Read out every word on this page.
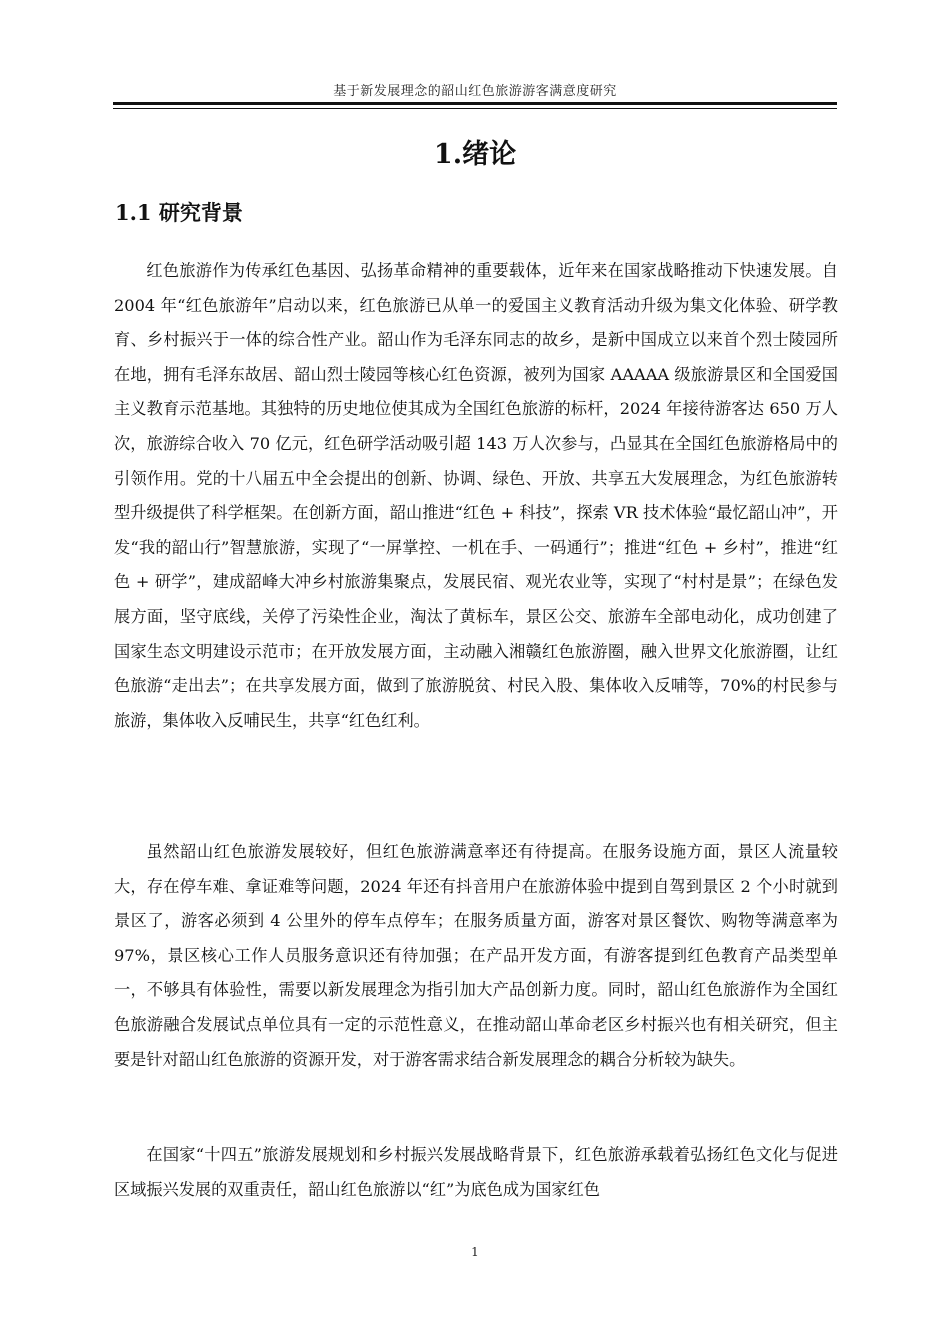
基于新发展理念的韶山红色旅游游客满意度研究
1.绪论
1.1 研究背景

红色旅游作为传承红色基因、弘扬革命精神的重要载体，近年来在国家战略推动下快速发展。自 2004 年“红色旅游年”启动以来，红色旅游已从单一的爱国主义教育活动升级为集文化体验、研学教育、乡村振兴于一体的综合性产业。韶山作为毛泽东同志的故乡，是新中国成立以来首个烈士陵园所在地，拥有毛泽东故居、韶山烈士陵园等核心红色资源，被列为国家 AAAAA 级旅游景区和全国爱国主义教育示范基地。其独特的历史地位使其成为全国红色旅游的标杆，2024 年接待游客达 650 万人次，旅游综合收入 70 亿元，红色研学活动吸引超 143 万人次参与，凸显其在全国红色旅游格局中的引领作用。党的十八届五中全会提出的创新、协调、绿色、开放、共享五大发展理念，为红色旅游转型升级提供了科学框架。在创新方面，韶山推进“红色 + 科技”，探索 VR 技术体验“最忆韶山冲”，开发“我的韶山行”智慧旅游，实现了“一屏掌控、一机在手、一码通行”；推进“红色 + 乡村”，推进“红色 + 研学”，建成韶峰大冲乡村旅游集聚点，发展民宿、观光农业等，实现了“村村是景”；在绿色发展方面，坚守底线，关停了污染性企业，淘汰了黄标车，景区公交、旅游车全部电动化，成功创建了国家生态文明建设示范市；在开放发展方面，主动融入湘赣红色旅游圈，融入世界文化旅游圈，让红色旅游“走出去”；在共享发展方面，做到了旅游脱贫、村民入股、集体收入反哺等，70%的村民参与旅游，集体收入反哺民生，共享“红色红利。

虽然韶山红色旅游发展较好，但红色旅游满意率还有待提高。在服务设施方面，景区人流量较大，存在停车难、拿证难等问题，2024 年还有抖音用户在旅游体验中提到自驾到景区 2 个小时就到景区了，游客必须到 4 公里外的停车点停车；在服务质量方面，游客对景区餐饮、购物等满意率为 97%，景区核心工作人员服务意识还有待加强；在产品开发方面，有游客提到红色教育产品类型单一，不够具有体验性，需要以新发展理念为指引加大产品创新力度。同时，韶山红色旅游作为全国红色旅游融合发展试点单位具有一定的示范性意义，在推动韶山革命老区乡村振兴也有相关研究，但主要是针对韶山红色旅游的资源开发，对于游客需求结合新发展理念的耦合分析较为缺失。

在国家“十四五”旅游发展规划和乡村振兴发展战略背景下，红色旅游承载着弘扬红色文化与促进区域振兴发展的双重责任，韶山红色旅游以“红”为底色成为国家红色

1
